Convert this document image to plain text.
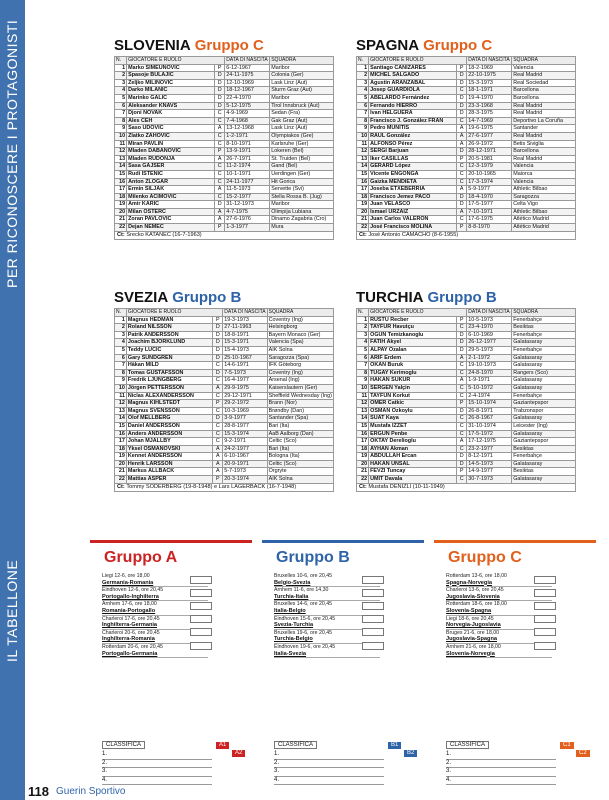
PER RICONOSCERE I PROTAGONISTI
IL TABELLONE
SLOVENIA Gruppo C
N.	GIOCATORE E RUOLO		DATA DI NASCITA	SQUADRA
1	Marko SIMEUNOVIC	P	6-12-1967	Maribor
2	Spasoje BULAJIC	D	24-11-1975	Colonia (Ger)
3	Zeljko MILINOVIC	D	12-10-1969	Lask Linz (Aut)
4	Darko MILANIC	D	18-12-1967	Sturm Graz (Aut)
5	Marinko GALIC	D	22-4-1970	Maribor
6	Aleksander KNAVS	D	5-12-1975	Tirol Innsbruck (Aut)
7	Djoni NOVAK	C	4-9-1969	Sedan (Fra)
8	Ales CEH	C	7-4-1968	Gak Graz (Aut)
9	Saso UDOVIC	A	13-12-1968	Lask Linz (Aut)
10	Zlatko ZAHOVIC	C	1-2-1971	Olympiakos (Gre)
11	Miran PAVLIN	C	8-10-1971	Karlsruhe (Ger)
12	Mladen DABANOVIC	P	13-9-1971	Lokeren (Bel)
13	Mladen RUDONJA	A	26-7-1971	St. Truiden (Bel)
14	Sasa GAJSER	C	11-2-1974	Gand (Bel)
15	Rudi ISTENIC	C	10-1-1971	Uerdingen (Ger)
16	Anton ZLOGAR	C	24-11-1977	Hit Gorica
17	Ermin SILJAK	A	11-5-1973	Servette (Svi)
18	Milenko ACIMOVIC	C	15-2-1977	Stella Rossa B. (Jug)
19	Amir KARIC	D	31-12-1973	Maribor
20	Milan OSTERC	A	4-7-1975	Olimpija Lubiana
21	Zoran PAVLOVIC	A	27-6-1976	Dinamo Zagabria (Cro)
22	Dejan NEMEC	P	1-3-1977	Mura
Ct: Srecko KATANEC (16-7-1963)
SPAGNA Gruppo C
N.	GIOCATORE E RUOLO		DATA DI NASCITA	SQUADRA
1	Santiago CAÑIZARES	P	18-2-1969	Valencia
2	MICHEL SALGADO	D	22-10-1975	Real Madrid
3	Agustin ARANZABAL	D	15-3-1973	Real Sociedad
4	Josep GUARDIOLA	C	18-1-1971	Barcellona
5	ABELARDO Fernández	D	19-4-1970	Barcellona
6	Fernando HIERRO	D	23-3-1968	Real Madrid
7	Ivan HELGUERA	D	28-3-1975	Real Madrid
8	Francisco J. González FRAN	C	14-7-1969	Deportivo La Coruña
9	Pedro MUNITIS	A	19-6-1975	Santander
10	RAÚL González	A	27-6-1977	Real Madrid
11	ALFONSO Pérez	A	26-9-1972	Betis Siviglia
12	SERGI Barjuan	D	28-12-1971	Barcellona
13	Iker CASILLAS	P	20-5-1981	Real Madrid
14	GERARD López	C	12-3-1979	Valencia
15	Vicente ENGONGA	C	20-10-1965	Maiorca
16	Gaizka MENDIETA	C	17-3-1974	Valencia
17	Joseba ETXEBERRIA	A	5-9-1977	Athletic Bilbao
18	Francisco Jemez PACO	D	18-4-1970	Saragozza
19	Juan VELASCO	D	17-5-1977	Celta Vigo
20	Ismael URZAIZ	A	7-10-1971	Athletic Bilbao
21	Juan Carlos VALERON	C	17-6-1975	Atlético Madrid
22	José Francisco MOLINA	P	8-8-1970	Atlético Madrid
Ct: José Antonio CAMACHO (8-6-1955)
SVEZIA Gruppo B
N.	GIOCATORE E RUOLO		DATA DI NASCITA	SQUADRA
1	Magnus HEDMAN	P	19-3-1973	Coventry (Ing)
2	Roland NILSSON	D	27-11-1963	Helsingborg
3	Patrik ANDERSSON	D	18-8-1971	Bayern Monaco (Ger)
4	Joachim BJÖRKLUND	D	15-3-1971	Valencia (Spa)
5	Teddy LUCIC	D	15-4-1973	AIK Solna
6	Gary SUNDGREN	D	25-10-1967	Saragozza (Spa)
7	Håkan MILD	C	14-6-1971	IFK Göteborg
8	Tomas GUSTAFSSON	D	7-5-1973	Coventry (Ing)
9	Fredrik LJUNGBERG	C	16-4-1977	Arsenal (Ing)
10	Jörgen PETTERSSON	A	29-9-1975	Kaiserslautern (Ger)
11	Niclas ALEXANDERSSON	C	29-12-1971	Sheffield Wednesday (Ing)
12	Magnus KIHLSTEDT	P	29-2-1972	Brann (Nor)
13	Magnus SVENSSON	C	10-3-1969	Brøndby (Dan)
14	Olof MELLBERG	D	3-9-1977	Santander (Spa)
15	Daniel ANDERSSON	C	28-8-1977	Bari (Ita)
16	Anders ANDERSSON	C	15-3-1974	AaB Aalborg (Dan)
17	Johan MJÄLLBY	C	9-2-1971	Celtic (Sco)
18	Yksel OSMANOVSKI	A	24-2-1977	Bari (Ita)
19	Kennet ANDERSSON	A	6-10-1967	Bologna (Ita)
20	Henrik LARSSON	A	20-9-1971	Celtic (Sco)
21	Markus ALLBÄCK	A	5-7-1973	Orgryte
22	Mattias ASPER	P	20-3-1974	AIK Solna
Ct: Tommy SÖDERBERG (19-8-1948) e Lars LAGERBÄCK (16-7-1948)
TURCHIA Gruppo B
N.	GIOCATORE E RUOLO		DATA DI NASCITA	SQUADRA
1	RÜSTÜ Recber	P	10-5-1973	Fenerbahçe
2	TAYFUR Havutçu	C	23-4-1970	Besiktas
3	OGÜN Temizkanoglu	D	6-10-1969	Fenerbahçe
4	FATIH Akyel	D	26-12-1977	Galatasaray
5	ALPAY Ozalan	D	29-5-1973	Fenerbahçe
6	ARIF Erdem	A	2-1-1972	Galatasaray
7	OKAN Buruk	C	19-10-1973	Galatasaray
8	TUGAY Kerimoglu	C	24-8-1970	Rangers (Sco)
9	HAKAN SÜKÜR	A	1-9-1971	Galatasaray
10	SERGEN Yalçin	C	5-10-1972	Galatasaray
11	TAYFUN Korkut	C	2-4-1974	Fenerbahçe
12	OMER Catkic	P	15-10-1974	Gaziantepspor
13	OSMAN Ozkoylu	D	26-8-1971	Trabzonspor
14	SUAT Kaya	C	26-8-1967	Galatasaray
15	Mustafa IZZET	C	31-10-1974	Leicester (Ing)
16	ERGÜN Penbe	C	17-5-1972	Galatasaray
17	OKTAY Derelioglu	A	17-12-1975	Gaziantepspor
18	AYHAN Akman	C	23-2-1977	Besiktas
19	ABDULLAH Ercan	D	8-12-1971	Fenerbahçe
20	HAKAN ÜNSAL	D	14-5-1973	Galatasaray
21	FEVZI Tuncay	P	14-9-1977	Besiktas
22	ÜMIT Davala	C	30-7-1973	Galatasaray
Ct: Mustafa DENIZLI (10-11-1949)
Gruppo A
Liegi 12-6, ore 18,00
Germania-Romania
Eindhoven 12-6, ore 20,45
Portogallo-Inghilterra
Arnhem 17-6, ore 18,00
Romania-Portogallo
Charleroi 17-6, ore 20,45
Inghilterra-Germania
Charleroi 20-6, ore 20,45
Inghilterra-Romania
Rotterdam 20-6, ore 20,45
Portogallo-Germania
CLASSIFICA
1.
2.
3.
4.
A1
A2
Gruppo B
Bruxelles 10-6, ore 20,45
Belgio-Svezia
Arnhem 11-6, ore 14,30
Turchia-Italia
Bruxelles 14-6, ore 20,45
Italia-Belgio
Eindhoven 15-6, ore 20,45
Svezia-Turchia
Bruxelles 19-6, ore 20,45
Turchia-Belgio
Eindhoven 19-6, ore 20,45
Italia-Svezia
CLASSIFICA
1.
2.
3.
4.
B1
B2
Gruppo C
Rotterdam 13-6, ore 18,00
Spagna-Norvegia
Charleroi 13-6, ore 20,45
Jugoslavia-Slovenia
Rotterdam 18-6, ore 18,00
Slovenia-Spagna
Liegi 18-6, ore 20,45
Norvegia-Jugoslavia
Bruges 21-6, ore 18,00
Jugoslavia-Spagna
Arnhem 21-6, ore 18,00
Slovenia-Norvegia
CLASSIFICA
1.
2.
3.
4.
C1
C2
118 Guerin Sportivo
